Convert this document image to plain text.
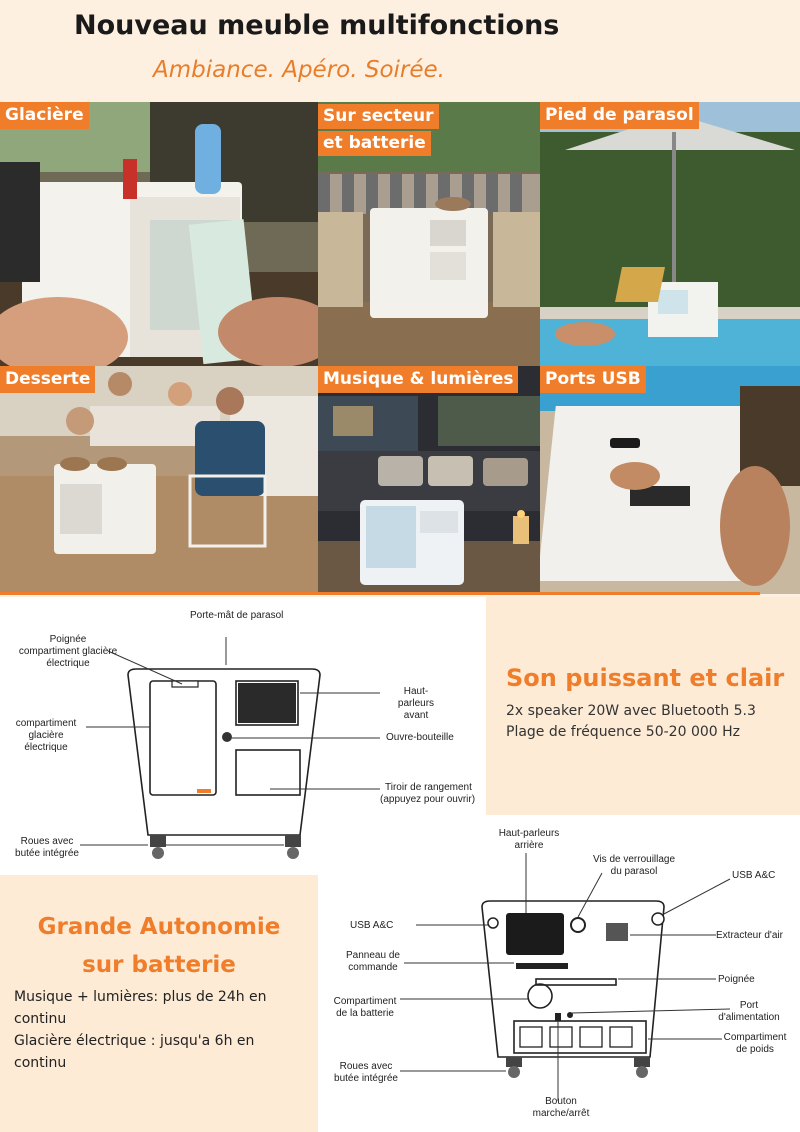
Nouveau meuble multifonctions
Ambiance. Apéro. Soirée.
Glacière	Sur secteur
et batterie
Pied de parasol
Desserte	Musique & lumières Ports USB
Porte-mât de parasol
Poignée compartiment glacière électrique
compartiment glacière électrique
Haut-parleurs avant
Ouvre-bouteille
Tiroir de rangement
(appuyez pour ouvrir)
Roues avec butée intégrée
Son puissant et clair
2x speaker 20W avec Bluetooth 5.3
Plage de fréquence 50-20 000 Hz
Grande Autonomie
sur batterie
Musique + lumières: plus de 24h en continu
Glacière électrique : jusqu'a 6h en continu
Haut-parleurs arrière
Vis de verrouillage du parasol	USB A&C
USB A&C
Extracteur d'air
Panneau de commande
Poignée
Compartiment de la batterie
Port d'alimentation
Compartiment de poids
Roues avec butée intégrée
Bouton marche/arrêt
